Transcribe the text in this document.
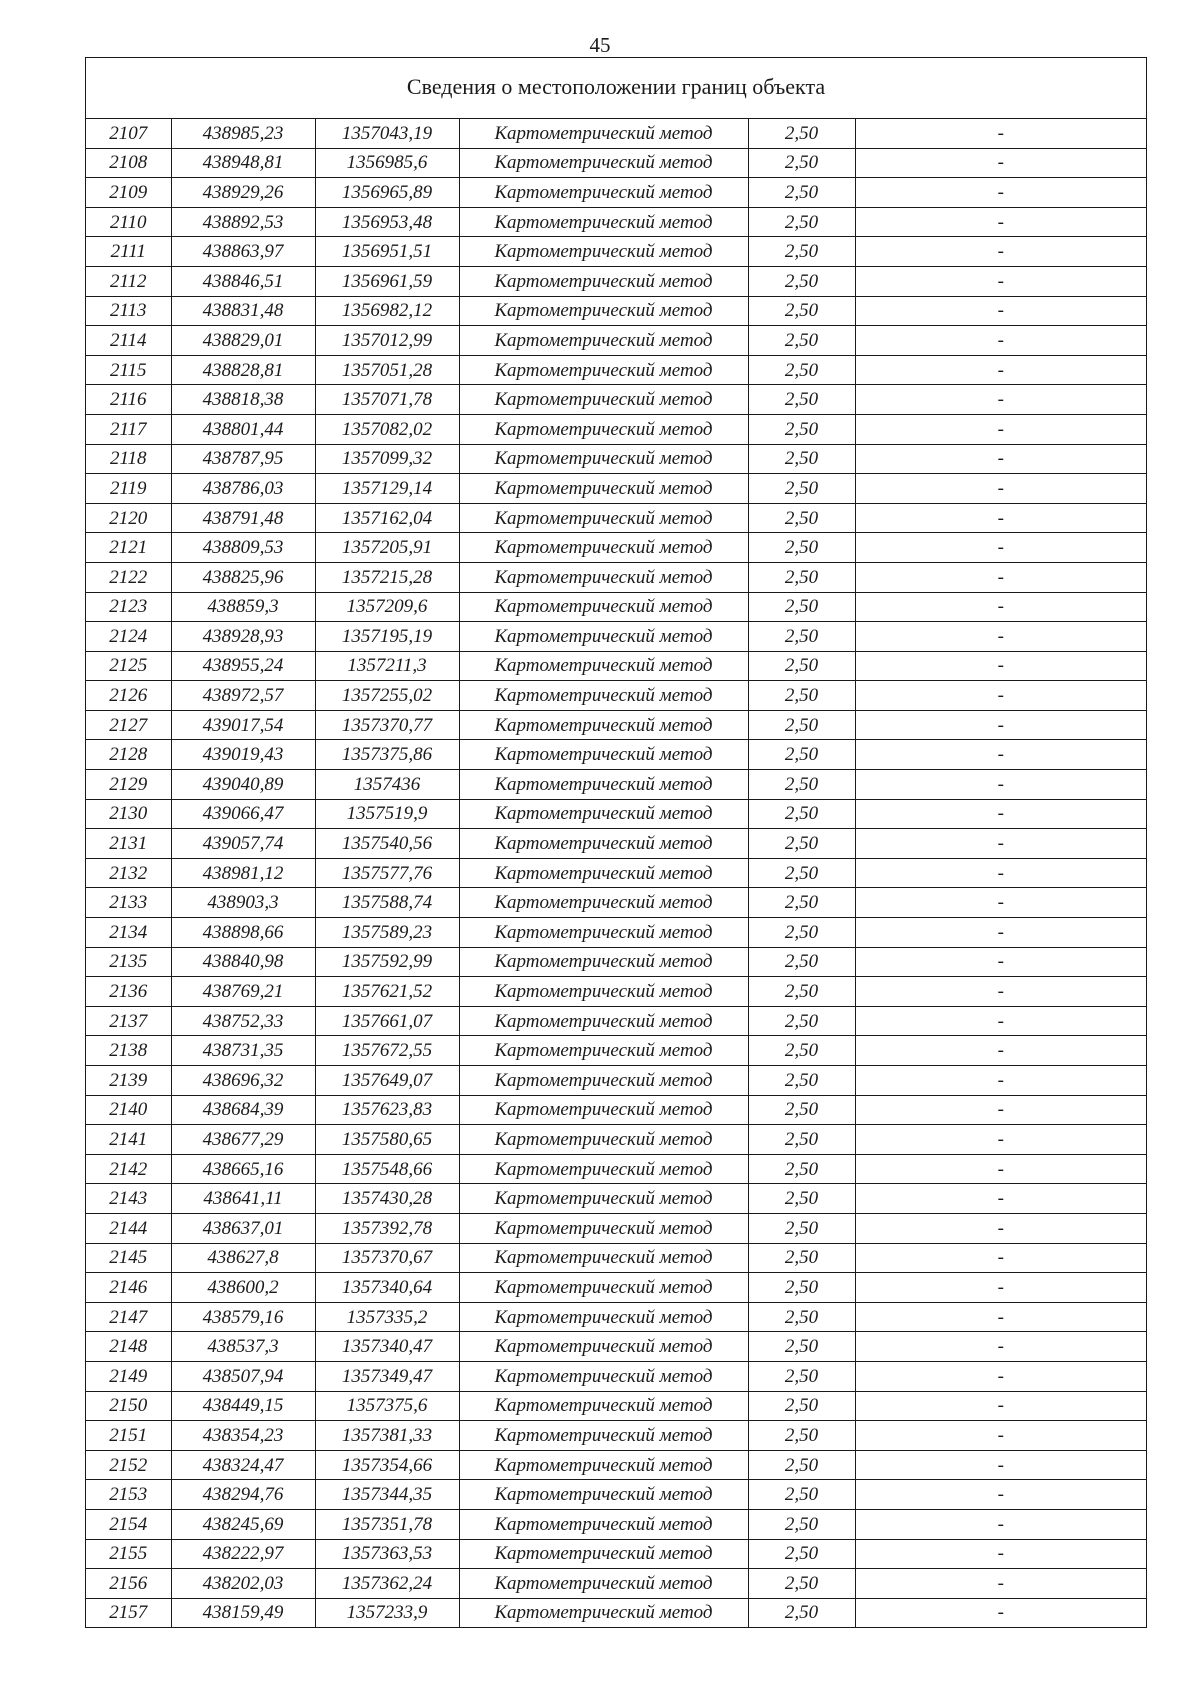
45
Сведения о местоположении границ объекта
2107	438985,23	1357043,19	Картометрический метод	2,50	-
2108	438948,81	1356985,6	Картометрический метод	2,50	-
2109	438929,26	1356965,89	Картометрический метод	2,50	-
2110	438892,53	1356953,48	Картометрический метод	2,50	-
2111	438863,97	1356951,51	Картометрический метод	2,50	-
2112	438846,51	1356961,59	Картометрический метод	2,50	-
2113	438831,48	1356982,12	Картометрический метод	2,50	-
2114	438829,01	1357012,99	Картометрический метод	2,50	-
2115	438828,81	1357051,28	Картометрический метод	2,50	-
2116	438818,38	1357071,78	Картометрический метод	2,50	-
2117	438801,44	1357082,02	Картометрический метод	2,50	-
2118	438787,95	1357099,32	Картометрический метод	2,50	-
2119	438786,03	1357129,14	Картометрический метод	2,50	-
2120	438791,48	1357162,04	Картометрический метод	2,50	-
2121	438809,53	1357205,91	Картометрический метод	2,50	-
2122	438825,96	1357215,28	Картометрический метод	2,50	-
2123	438859,3	1357209,6	Картометрический метод	2,50	-
2124	438928,93	1357195,19	Картометрический метод	2,50	-
2125	438955,24	1357211,3	Картометрический метод	2,50	-
2126	438972,57	1357255,02	Картометрический метод	2,50	-
2127	439017,54	1357370,77	Картометрический метод	2,50	-
2128	439019,43	1357375,86	Картометрический метод	2,50	-
2129	439040,89	1357436	Картометрический метод	2,50	-
2130	439066,47	1357519,9	Картометрический метод	2,50	-
2131	439057,74	1357540,56	Картометрический метод	2,50	-
2132	438981,12	1357577,76	Картометрический метод	2,50	-
2133	438903,3	1357588,74	Картометрический метод	2,50	-
2134	438898,66	1357589,23	Картометрический метод	2,50	-
2135	438840,98	1357592,99	Картометрический метод	2,50	-
2136	438769,21	1357621,52	Картометрический метод	2,50	-
2137	438752,33	1357661,07	Картометрический метод	2,50	-
2138	438731,35	1357672,55	Картометрический метод	2,50	-
2139	438696,32	1357649,07	Картометрический метод	2,50	-
2140	438684,39	1357623,83	Картометрический метод	2,50	-
2141	438677,29	1357580,65	Картометрический метод	2,50	-
2142	438665,16	1357548,66	Картометрический метод	2,50	-
2143	438641,11	1357430,28	Картометрический метод	2,50	-
2144	438637,01	1357392,78	Картометрический метод	2,50	-
2145	438627,8	1357370,67	Картометрический метод	2,50	-
2146	438600,2	1357340,64	Картометрический метод	2,50	-
2147	438579,16	1357335,2	Картометрический метод	2,50	-
2148	438537,3	1357340,47	Картометрический метод	2,50	-
2149	438507,94	1357349,47	Картометрический метод	2,50	-
2150	438449,15	1357375,6	Картометрический метод	2,50	-
2151	438354,23	1357381,33	Картометрический метод	2,50	-
2152	438324,47	1357354,66	Картометрический метод	2,50	-
2153	438294,76	1357344,35	Картометрический метод	2,50	-
2154	438245,69	1357351,78	Картометрический метод	2,50	-
2155	438222,97	1357363,53	Картометрический метод	2,50	-
2156	438202,03	1357362,24	Картометрический метод	2,50	-
2157	438159,49	1357233,9	Картометрический метод	2,50	-
